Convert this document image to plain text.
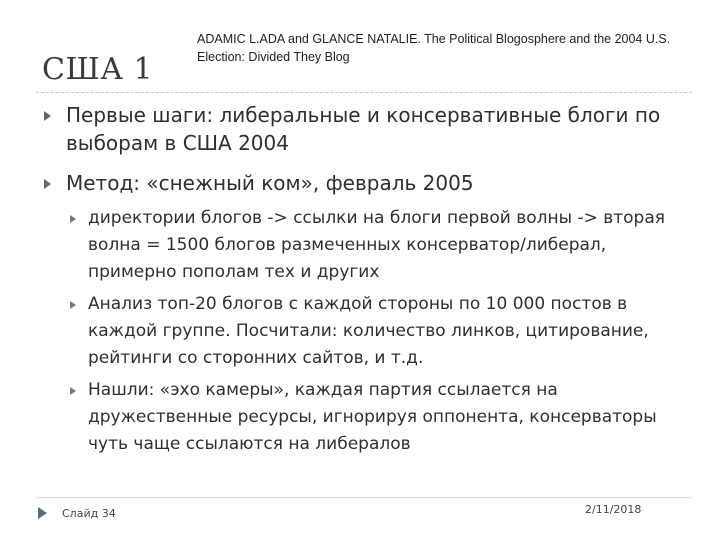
США 1
ADAMIC L.ADA and GLANCE NATALIE. The Political Blogosphere and the 2004 U.S. Election: Divided They Blog
Первые шаги: либеральные и консервативные блоги по выборам в США 2004
Метод: «снежный ком», февраль 2005
директории блогов -> ссылки на блоги первой волны -> вторая волна = 1500 блогов размеченных консерватор/либерал, примерно пополам тех и других
Анализ топ-20 блогов с каждой стороны по 10 000 постов в каждой группе. Посчитали: количество линков, цитирование, рейтинги со сторонних сайтов, и т.д.
Нашли: «эхо камеры», каждая партия ссылается на дружественные ресурсы, игнорируя оппонента, консерваторы чуть чаще ссылаются на либералов
Слайд 34	2/11/2018
